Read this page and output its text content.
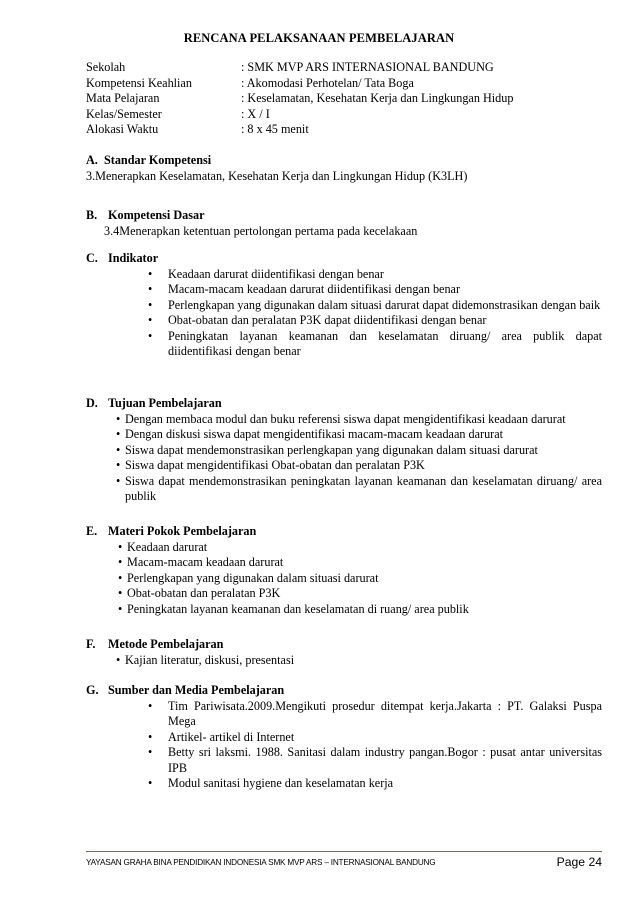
RENCANA PELAKSANAAN PEMBELAJARAN
Sekolah	: SMK MVP ARS INTERNASIONAL BANDUNG
Kompetensi Keahlian	: Akomodasi Perhotelan/ Tata Boga
Mata Pelajaran	: Keselamatan, Kesehatan Kerja dan Lingkungan Hidup
Kelas/Semester	: X / I
Alokasi Waktu	: 8 x 45 menit
A. Standar Kompetensi
3.Menerapkan Keselamatan, Kesehatan Kerja dan Lingkungan Hidup (K3LH)
B. Kompetensi Dasar
3.4Menerapkan ketentuan pertolongan pertama pada kecelakaan
C. Indikator
• Keadaan darurat diidentifikasi dengan benar
• Macam-macam keadaan darurat diidentifikasi dengan benar
• Perlengkapan yang digunakan dalam situasi darurat dapat didemonstrasikan dengan baik
• Obat-obatan dan peralatan P3K dapat diidentifikasi dengan benar
• Peningkatan layanan keamanan dan keselamatan diruang/ area publik dapat diidentifikasi dengan benar
D. Tujuan Pembelajaran
• Dengan membaca modul dan buku referensi siswa dapat mengidentifikasi keadaan darurat
• Dengan diskusi siswa dapat mengidentifikasi macam-macam keadaan darurat
• Siswa dapat mendemonstrasikan perlengkapan yang digunakan dalam situasi darurat
• Siswa dapat mengidentifikasi Obat-obatan dan peralatan P3K
• Siswa dapat mendemonstrasikan peningkatan layanan keamanan dan keselamatan diruang/ area publik
E. Materi Pokok Pembelajaran
• Keadaan darurat
• Macam-macam keadaan darurat
• Perlengkapan yang digunakan dalam situasi darurat
• Obat-obatan dan peralatan P3K
• Peningkatan layanan keamanan dan keselamatan di ruang/ area publik
F.	Metode Pembelajaran
• Kajian literatur, diskusi, presentasi
G. Sumber dan Media Pembelajaran
• Tim Pariwisata.2009.Mengikuti prosedur ditempat kerja.Jakarta : PT. Galaksi Puspa Mega
• Artikel- artikel di Internet
• Betty sri laksmi. 1988. Sanitasi dalam industry pangan.Bogor : pusat antar universitas IPB
• Modul sanitasi hygiene dan keselamatan kerja
YAYASAN GRAHA BINA PENDIDIKAN INDONESIA SMK MVP ARS – INTERNASIONAL BANDUNG	Page 24
